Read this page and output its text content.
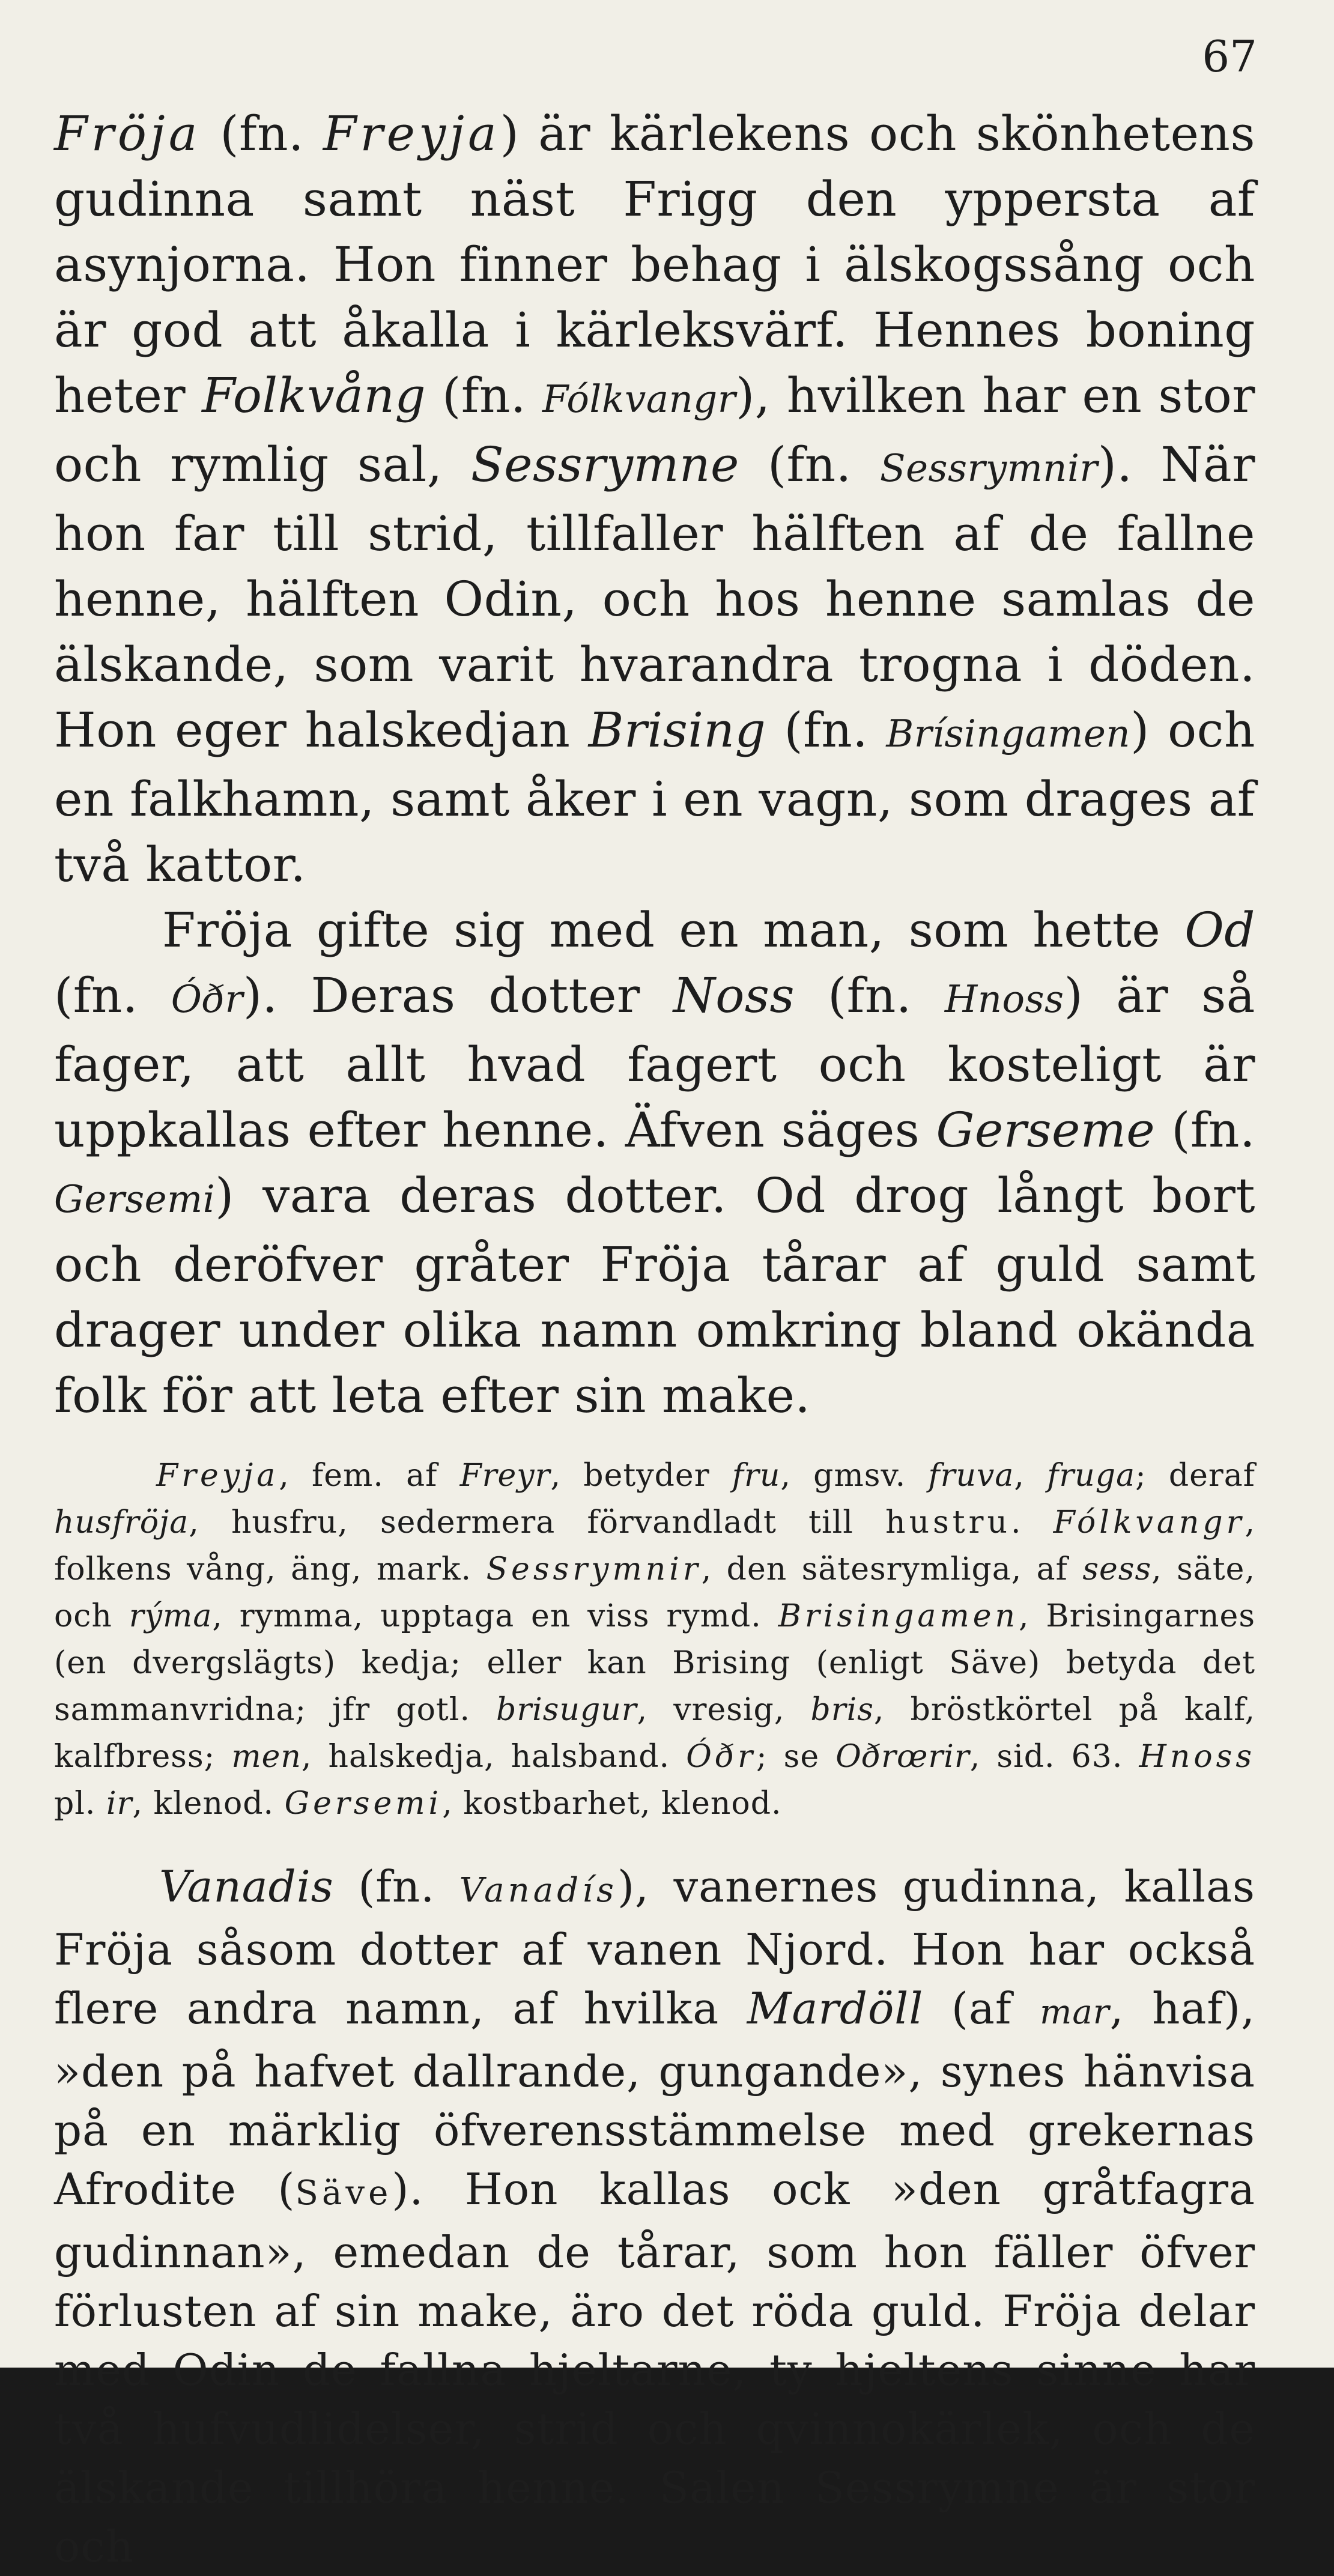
67

Fröja (fn. Freyja) är kärlekens och skönhetens gudinna samt näst Frigg den yppersta af asynjorna. Hon finner behag i älskogssång och är god att åkalla i kärleksvärf. Hennes boning heter Folkvång (fn. Fólkvangr), hvilken har en stor och rymlig sal, Sessrymne (fn. Sessrymnir). När hon far till strid, tillfaller hälften af de fallne henne, hälften Odin, och hos henne samlas de älskande, som varit hvarandra trogna i döden. Hon eger halskedjan Brising (fn. Brísingamen) och en falkhamn, samt åker i en vagn, som drages af två kattor.

Fröja gifte sig med en man, som hette Od (fn. Óðr). Deras dotter Noss (fn. Hnoss) är så fager, att allt hvad fagert och kosteligt är uppkallas efter henne. Äfven säges Gerseme (fn. Gersemi) vara deras dotter. Od drog långt bort och deröfver gråter Fröja tårar af guld samt drager under olika namn omkring bland okända folk för att leta efter sin make.

Freyja, fem. af Freyr, betyder fru, gmsv. fruva, fruga; deraf husfröja, husfru, sedermera förvandladt till hustru. Fólkvangr, folkens vång, äng, mark. Sessrymnir, den sätesrymliga, af sess, säte, och rýma, rymma, upptaga en viss rymd. Brisingamen, Brisingarnes (en dvergslägts) kedja; eller kan Brising (enligt Säve) betyda det sammanvridna; jfr gotl. brisugur, vresig, bris, bröstkörtel på kalf, kalfbress; men, halskedja, halsband. Óðr; se Oðrœrir, sid. 63. Hnoss pl. ir, klenod. Gersemi, kostbarhet, klenod.

Vanadis (fn. Vanadís), vanernes gudinna, kallas Fröja såsom dotter af vanen Njord. Hon har också flere andra namn, af hvilka Mardöll (af mar, haf), »den på hafvet dallrande, gungande», synes hänvisa på en märklig öfverensstämmelse med grekernas Afrodite (Säve). Hon kallas ock »den gråtfagra gudinnan», emedan de tårar, som hon fäller öfver förlusten af sin make, äro det röda guld. Fröja delar med Odin de fallna hjeltarne, ty hjeltens sinne har två hufvudlidelser, strid och qvinnokärlek, och de älskande tillhöra henne. Salen Sessrymne är stor och
